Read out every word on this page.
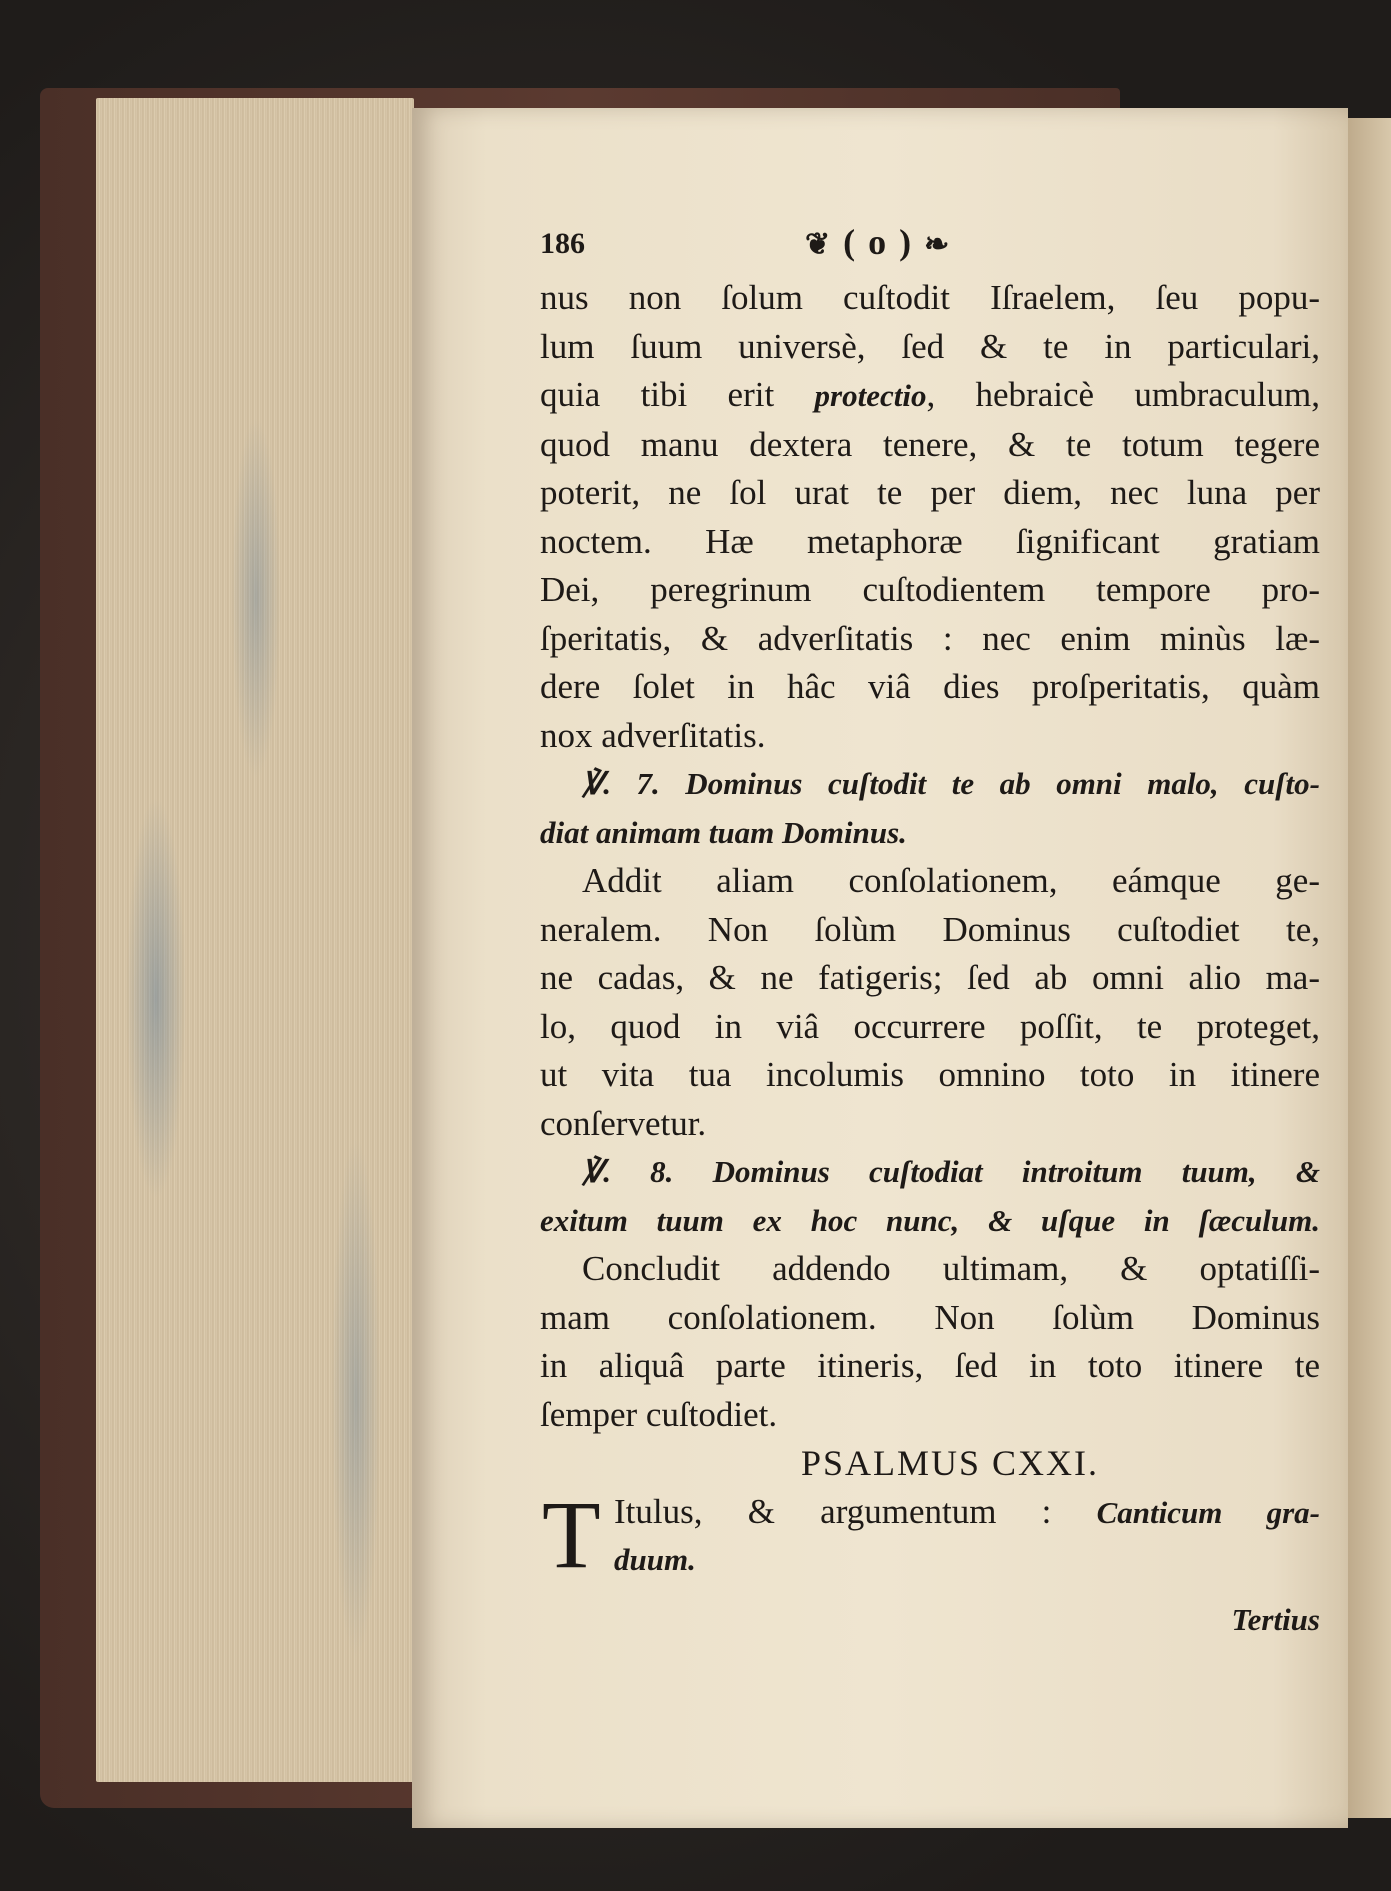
186	❦ ( o ) ❧
nus non ſolum cuſtodit Iſraelem, ſeu popu-
lum ſuum universè, ſed & te in particulari,
quia tibi erit protectio, hebraicè umbraculum,
quod manu dextera tenere, & te totum tegere
poterit, ne ſol urat te per diem, nec luna per
noctem. Hæ metaphoræ ſignificant gratiam
Dei, peregrinum cuſtodientem tempore pro-
ſperitatis, & adverſitatis : nec enim minùs læ-
dere ſolet in hâc viâ dies proſperitatis, quàm
nox adverſitatis.
℣. 7. Dominus cuſtodit te ab omni malo, cuſto-
diat animam tuam Dominus.
Addit aliam conſolationem, eámque ge-
neralem. Non ſolùm Dominus cuſtodiet te,
ne cadas, & ne fatigeris; ſed ab omni alio ma-
lo, quod in viâ occurrere poſſit, te proteget,
ut vita tua incolumis omnino toto in itinere
conſervetur.
℣. 8. Dominus cuſtodiat introitum tuum, &
exitum tuum ex hoc nunc, & uſque in ſæculum.
Concludit addendo ultimam, & optatiſſi-
mam conſolationem. Non ſolùm Dominus
in aliquâ parte itineris, ſed in toto itinere te
ſemper cuſtodiet.
PSALMUS CXXI.
T Itulus, & argumentum : Canticum gra-
duum.
Tertius
